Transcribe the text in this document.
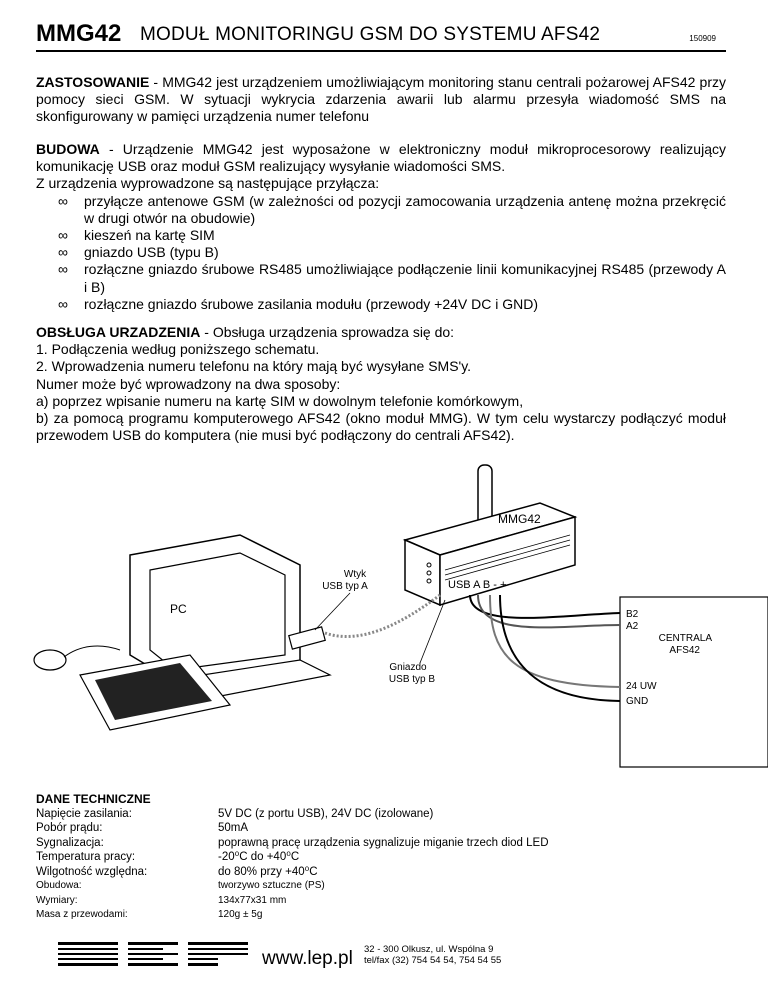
MMG42 MODUŁ MONITORINGU GSM DO SYSTEMU AFS42	150909
ZASTOSOWANIE - MMG42 jest urządzeniem umożliwiającym monitoring stanu centrali pożarowej AFS42 przy pomocy sieci GSM. W sytuacji wykrycia zdarzenia awarii lub alarmu przesyła wiadomość SMS na skonfigurowany w pamięci urządzenia numer telefonu
BUDOWA - Urządzenie MMG42 jest wyposażone w elektroniczny moduł mikroprocesorowy realizujący komunikację USB oraz moduł GSM realizujący wysyłanie wiadomości SMS.
Z urządzenia wyprowadzone są następujące przyłącza:
∞ przyłącze antenowe GSM (w zależności od pozycji zamocowania urządzenia antenę można przekręcić w drugi otwór na obudowie)
∞ kieszeń na kartę SIM
∞ gniazdo USB (typu B)
∞ rozłączne gniazdo śrubowe RS485 umożliwiające podłączenie linii komunikacyjnej RS485 (przewody A i B)
∞ rozłączne gniazdo śrubowe zasilania modułu (przewody +24V DC i GND)
OBSŁUGA URZADZENIA - Obsługa urządzenia sprowadza się do:
1. Podłączenia według poniższego schematu.
2. Wprowadzenia numeru telefonu na który mają być wysyłane SMS'y.
Numer może być wprowadzony na dwa sposoby:
a) poprzez wpisanie numeru na kartę SIM w dowolnym telefonie komórkowym,
b) za pomocą programu komputerowego AFS42 (okno moduł MMG). W tym celu wystarczy podłączyć moduł przewodem USB do komputera (nie musi być podłączony do centrali AFS42).
MMG42
USB A B - +
B2
A2
CENTRALA
AFS42
24 UW
GND
PC
Wtyk
USB typ A
Gniazdo
USB typ B
DANE TECHNICZNE
Napięcie zasilania:	5V DC (z portu USB), 24V DC (izolowane)
Pobór prądu:	50mA
Sygnalizacja:	poprawną pracę urządzenia sygnalizuje miganie trzech diod LED
Temperatura pracy:	-20⁰C do +40⁰C
Wilgotność względna:	do 80% przy +40⁰C
Obudowa:	tworzywo sztuczne (PS)
Wymiary:	134x77x31 mm
Masa z przewodami:	120g ± 5g
www.lep.pl 32 - 300 Olkusz, ul. Wspólna 9
tel/fax (32) 754 54 54, 754 54 55
